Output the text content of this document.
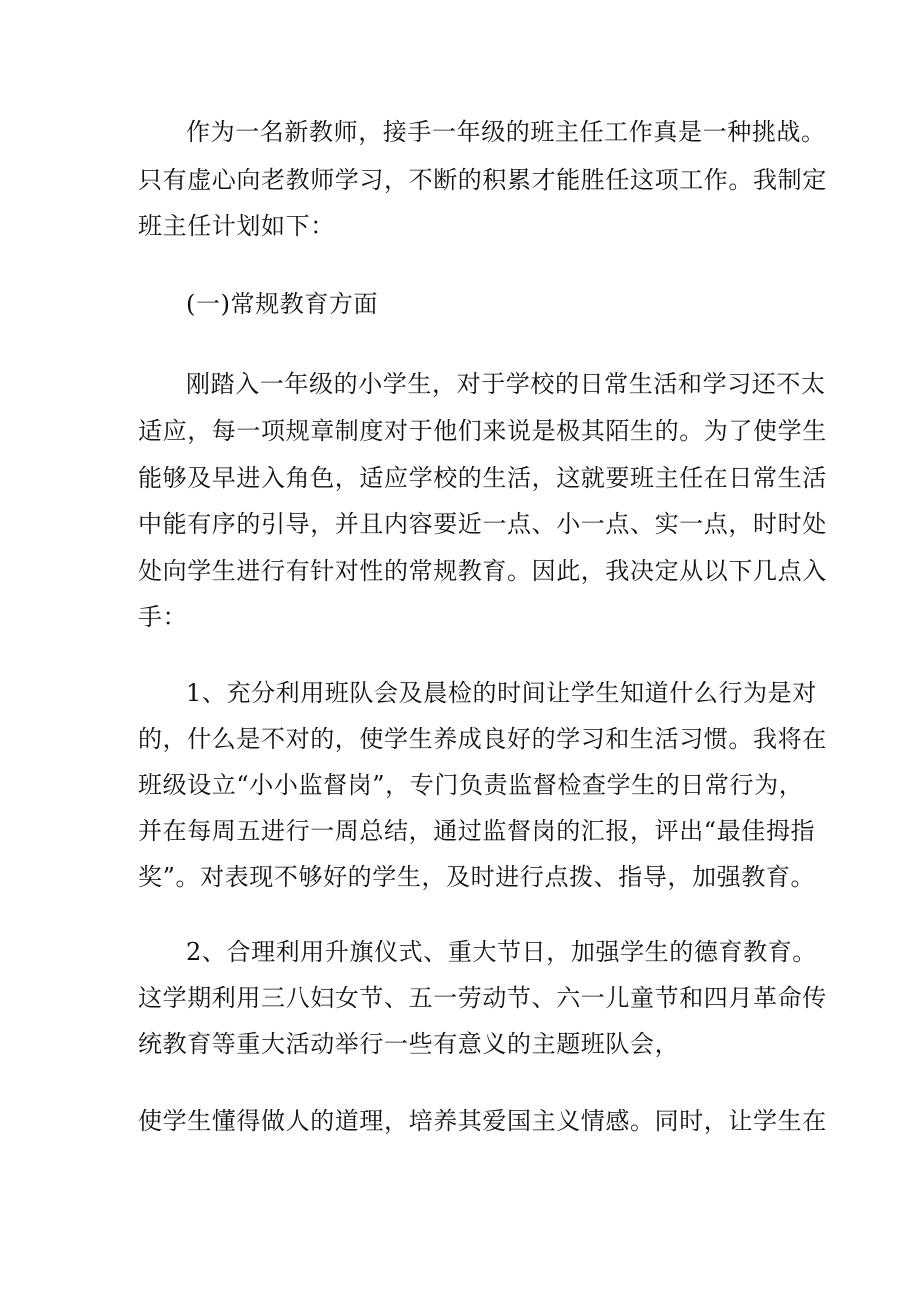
作为一名新教师，接手一年级的班主任工作真是一种挑战。
只有虚心向老教师学习，不断的积累才能胜任这项工作。我制定
班主任计划如下：
(一)常规教育方面
刚踏入一年级的小学生，对于学校的日常生活和学习还不太
适应，每一项规章制度对于他们来说是极其陌生的。为了使学生
能够及早进入角色，适应学校的生活，这就要班主任在日常生活
中能有序的引导，并且内容要近一点、小一点、实一点，时时处
处向学生进行有针对性的常规教育。因此，我决定从以下几点入
手：
1、充分利用班队会及晨检的时间让学生知道什么行为是对
的，什么是不对的，使学生养成良好的学习和生活习惯。我将在
班级设立“小小监督岗”，专门负责监督检查学生的日常行为，
并在每周五进行一周总结，通过监督岗的汇报，评出“最佳拇指
奖”。对表现不够好的学生，及时进行点拨、指导，加强教育。
2、合理利用升旗仪式、重大节日，加强学生的德育教育。
这学期利用三八妇女节、五一劳动节、六一儿童节和四月革命传
统教育等重大活动举行一些有意义的主题班队会，
使学生懂得做人的道理，培养其爱国主义情感。同时，让学生在
